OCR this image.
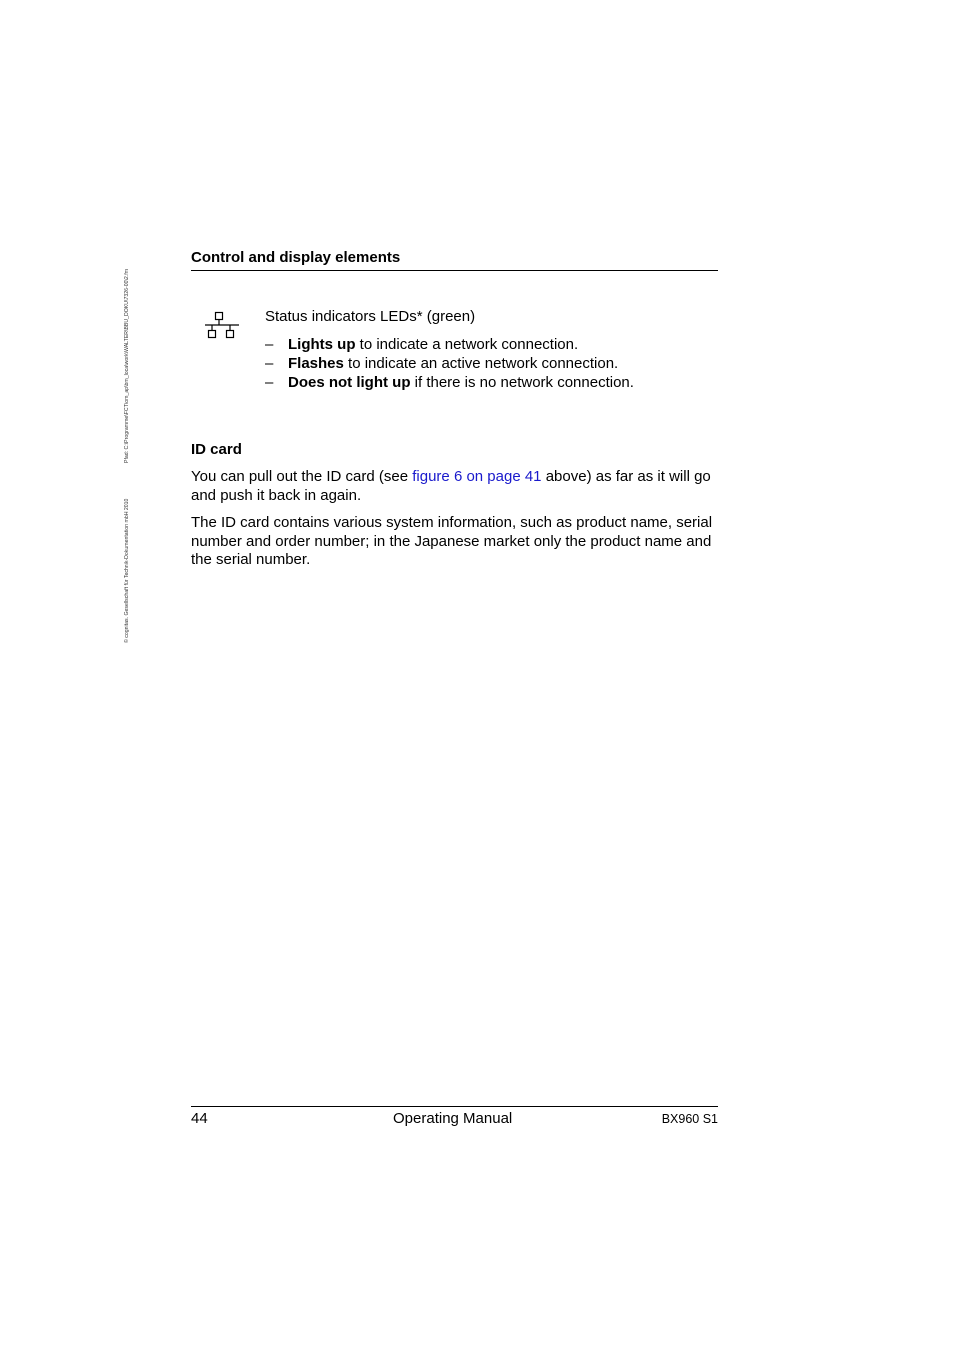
© cognitas. Gesellschaft für Technik-Dokumentation mbH 2010
Pfad: C:\Programme\FCT\om_ap\bm_loca\work\WALTER\BBU_DOKU\7326-00\2.fm
Control and display elements
Status indicators LEDs* (green)
– Lights up to indicate a network connection.
– Flashes to indicate an active network connection.
– Does not light up if there is no network connection.
ID card
You can pull out the ID card (see figure 6 on page 41 above) as far as it will go and push it back in again.
The ID card contains various system information, such as product name, serial number and order number; in the Japanese market only the product name and the serial number.
44	Operating Manual	BX960 S1
